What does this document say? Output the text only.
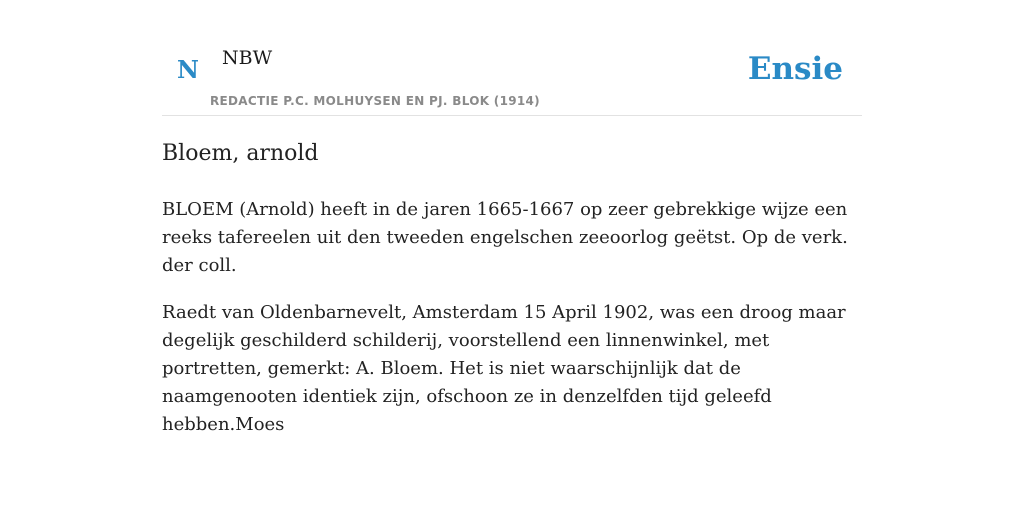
N NBW
REDACTIE P.C. MOLHUYSEN EN PJ. BLOK (1914)
Ensie
Bloem, arnold

BLOEM (Arnold) heeft in de jaren 1665-1667 op zeer gebrekkige wijze een reeks tafereelen uit den tweeden engelschen zeeoorlog geëtst. Op de verk. der coll.

Raedt van Oldenbarnevelt, Amsterdam 15 April 1902, was een droog maar degelijk geschilderd schilderij, voorstellend een linnenwinkel, met portretten, gemerkt: A. Bloem. Het is niet waarschijnlijk dat de naamgenooten identiek zijn, ofschoon ze in denzelfden tijd geleefd hebben.Moes
